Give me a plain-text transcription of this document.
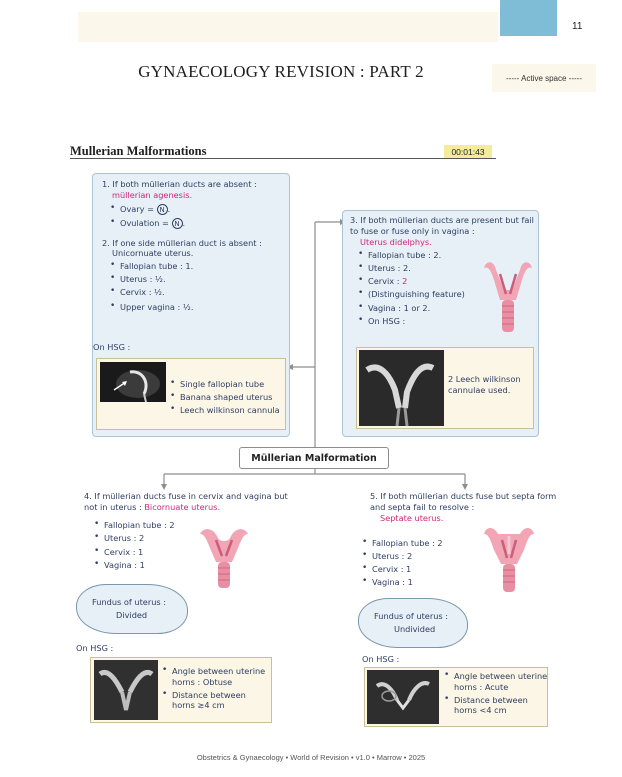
11
GYNAECOLOGY REVISION : PART 2	----- Active space -----
Mullerian Malformations	00:01:43
1. If both müllerian ducts are absent :
müllerian agenesis.
• Ovary = N .
• Ovulation = N .
2. If one side müllerian duct is absent :
Unicornuate uterus.
• Fallopian tube : 1.
• Uterus : ½.
• Cervix : ½.
• Upper vagina : ½.
On HSG :
• Single fallopian tube
• Banana shaped uterus
• Leech wilkinson cannula
3. If both müllerian ducts are present but fail to fuse or fuse only in vagina :
Uterus didelphys.
• Fallopian tube : 2.
• Uterus : 2.
• Cervix : 2
• (Distinguishing feature)
• Vagina : 1 or 2.
• On HSG :
2 Leech wilkinson cannulae used.
Müllerian Malformation
4. If müllerian ducts fuse in cervix and vagina but not in uterus : Bicornuate uterus.
• Fallopian tube : 2
• Uterus : 2
• Cervix : 1
• Vagina : 1
Fundus of uterus :
Divided
On HSG :
• Angle between uterine horns : Obtuse
• Distance between horns ≥4 cm
5. If both müllerian ducts fuse but septa form and septa fail to resolve :
Septate uterus.
• Fallopian tube : 2
• Uterus : 2
• Cervix : 1
• Vagina : 1
Fundus of uterus :
Undivided
On HSG :
• Angle between uterine horns : Acute
• Distance between horns <4 cm
Obstetrics & Gynaecology • World of Revision • v1.0 • Marrow • 2025
